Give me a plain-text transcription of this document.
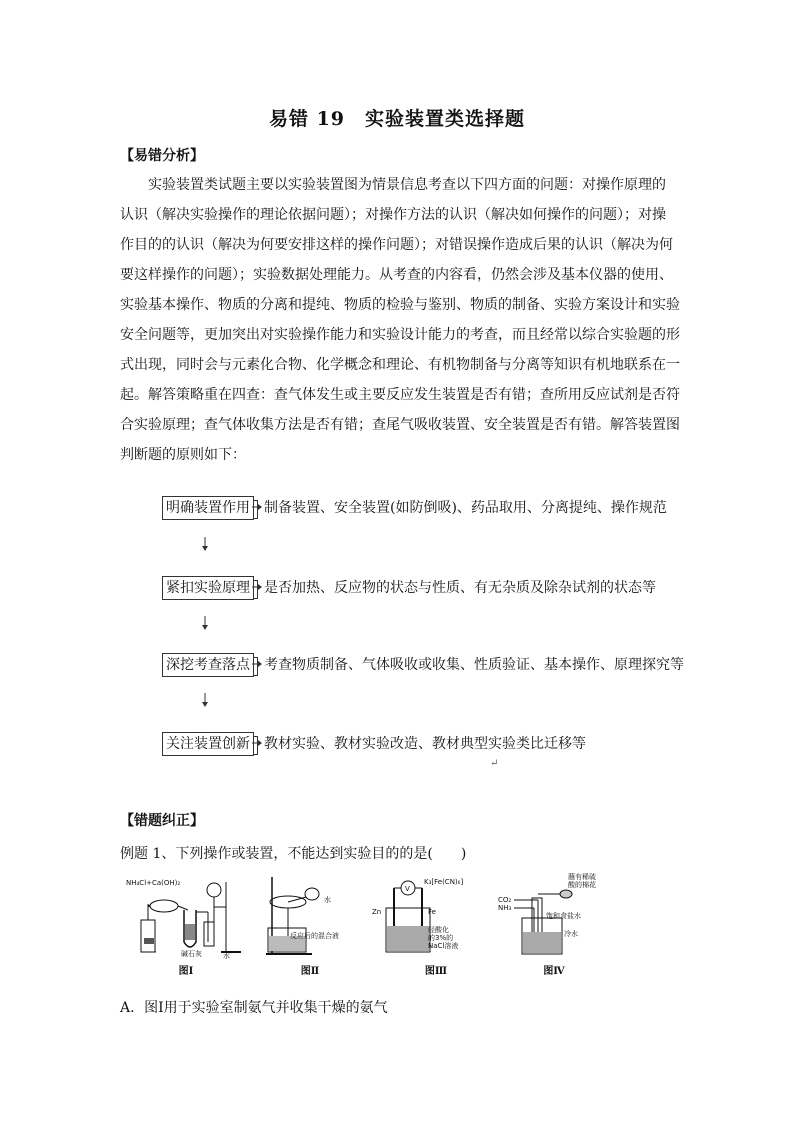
易错 19　实验装置类选择题
【易错分析】
实验装置类试题主要以实验装置图为情景信息考查以下四方面的问题：对操作原理的
认识（解决实验操作的理论依据问题）；对操作方法的认识（解决如何操作的问题）；对操
作目的的认识（解决为何要安排这样的操作问题）；对错误操作造成后果的认识（解决为何
要这样操作的问题）；实验数据处理能力。从考查的内容看，仍然会涉及基本仪器的使用、
实验基本操作、物质的分离和提纯、物质的检验与鉴别、物质的制备、实验方案设计和实验
安全问题等，更加突出对实验操作能力和实验设计能力的考查，而且经常以综合实验题的形
式出现，同时会与元素化合物、化学概念和理论、有机物制备与分离等知识有机地联系在一
起。解答策略重在四查：查气体发生或主要反应发生装置是否有错；查所用反应试剂是否符
合实验原理；查气体收集方法是否有错；查尾气吸收装置、安全装置是否有错。解答装置图
判断题的原则如下：
明确装置作用 制备装置、安全装置(如防倒吸)、药品取用、分离提纯、操作规范
紧扣实验原理 是否加热、反应物的状态与性质、有无杂质及除杂试剂的状态等
深挖考查落点 考查物质制备、气体吸收或收集、性质验证、基本操作、原理探究等
关注装置创新 教材实验、教材实验改造、教材典型实验类比迁移等
↵
【错题纠正】
例题 1、下列操作或装置，不能达到实验目的的是(　　)
NH₄Cl+Ca(OH)₂
碱石灰	水
图Ⅰ
水
反应后的混合液
图Ⅱ
V
K₃[Fe(CN)₆]
Zn	Fe
经酸化
的3%的
NaCl溶液
图Ⅲ
蘸有稀硫
酸的棉花
CO₂
NH₃
饱和食盐水
冷水
图Ⅳ
A．图Ⅰ用于实验室制氨气并收集干燥的氨气
